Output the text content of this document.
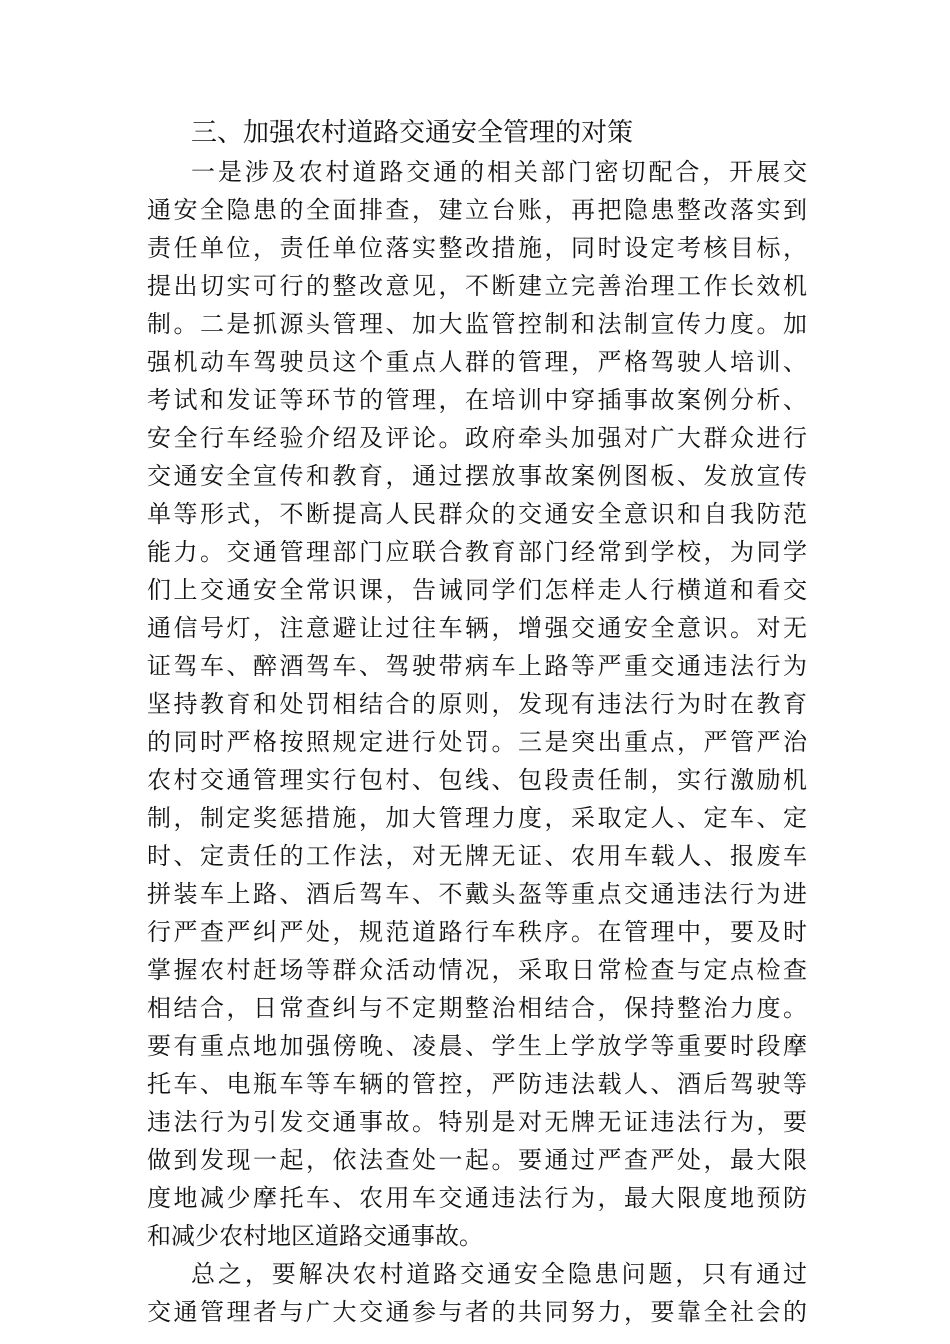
三、加强农村道路交通安全管理的对策
一是涉及农村道路交通的相关部门密切配合，开展交
通安全隐患的全面排查，建立台账，再把隐患整改落实到
责任单位，责任单位落实整改措施，同时设定考核目标，
提出切实可行的整改意见，不断建立完善治理工作长效机
制。二是抓源头管理、加大监管控制和法制宣传力度。加
强机动车驾驶员这个重点人群的管理，严格驾驶人培训、
考试和发证等环节的管理，在培训中穿插事故案例分析、
安全行车经验介绍及评论。政府牵头加强对广大群众进行
交通安全宣传和教育，通过摆放事故案例图板、发放宣传
单等形式，不断提高人民群众的交通安全意识和自我防范
能力。交通管理部门应联合教育部门经常到学校，为同学
们上交通安全常识课，告诫同学们怎样走人行横道和看交
通信号灯，注意避让过往车辆，增强交通安全意识。对无
证驾车、醉酒驾车、驾驶带病车上路等严重交通违法行为
坚持教育和处罚相结合的原则，发现有违法行为时在教育
的同时严格按照规定进行处罚。三是突出重点，严管严治
农村交通管理实行包村、包线、包段责任制，实行激励机
制，制定奖惩措施，加大管理力度，采取定人、定车、定
时、定责任的工作法，对无牌无证、农用车载人、报废车
拼装车上路、酒后驾车、不戴头盔等重点交通违法行为进
行严查严纠严处，规范道路行车秩序。在管理中，要及时
掌握农村赶场等群众活动情况，采取日常检查与定点检查
相结合，日常查纠与不定期整治相结合，保持整治力度。
要有重点地加强傍晚、凌晨、学生上学放学等重要时段摩
托车、电瓶车等车辆的管控，严防违法载人、酒后驾驶等
违法行为引发交通事故。特别是对无牌无证违法行为，要
做到发现一起，依法查处一起。要通过严查严处，最大限
度地减少摩托车、农用车交通违法行为，最大限度地预防
和减少农村地区道路交通事故。
总之，要解决农村道路交通安全隐患问题，只有通过
交通管理者与广大交通参与者的共同努力，要靠全社会的
